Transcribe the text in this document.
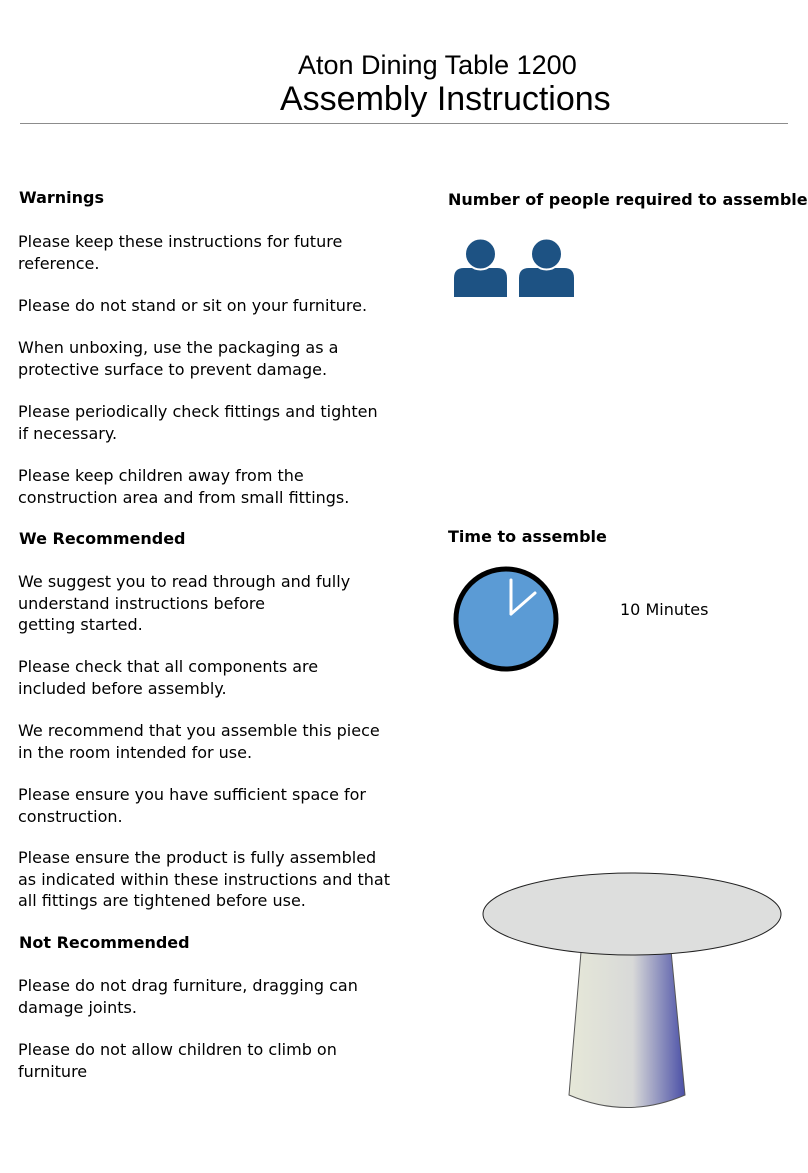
Aton Dining Table 1200
Assembly Instructions
Warnings
Please keep these instructions for future
reference.
Please do not stand or sit on your furniture.
When unboxing, use the packaging as a
protective surface to prevent damage.
Please periodically check fittings and tighten
if necessary.
Please keep children away from the
construction area and from small fittings.
We Recommended
We suggest you to read through and fully
understand instructions before
getting started.
Please check that all components are
included before assembly.
We recommend that you assemble this piece
in the room intended for use.
Please ensure you have sufficient space for
construction.
Please ensure the product is fully assembled
as indicated within these instructions and that
all fittings are tightened before use.
Not Recommended
Please do not drag furniture, dragging can
damage joints.
Please do not allow children to climb on
furniture
Number of people required to assemble
Time to assemble
10 Minutes
